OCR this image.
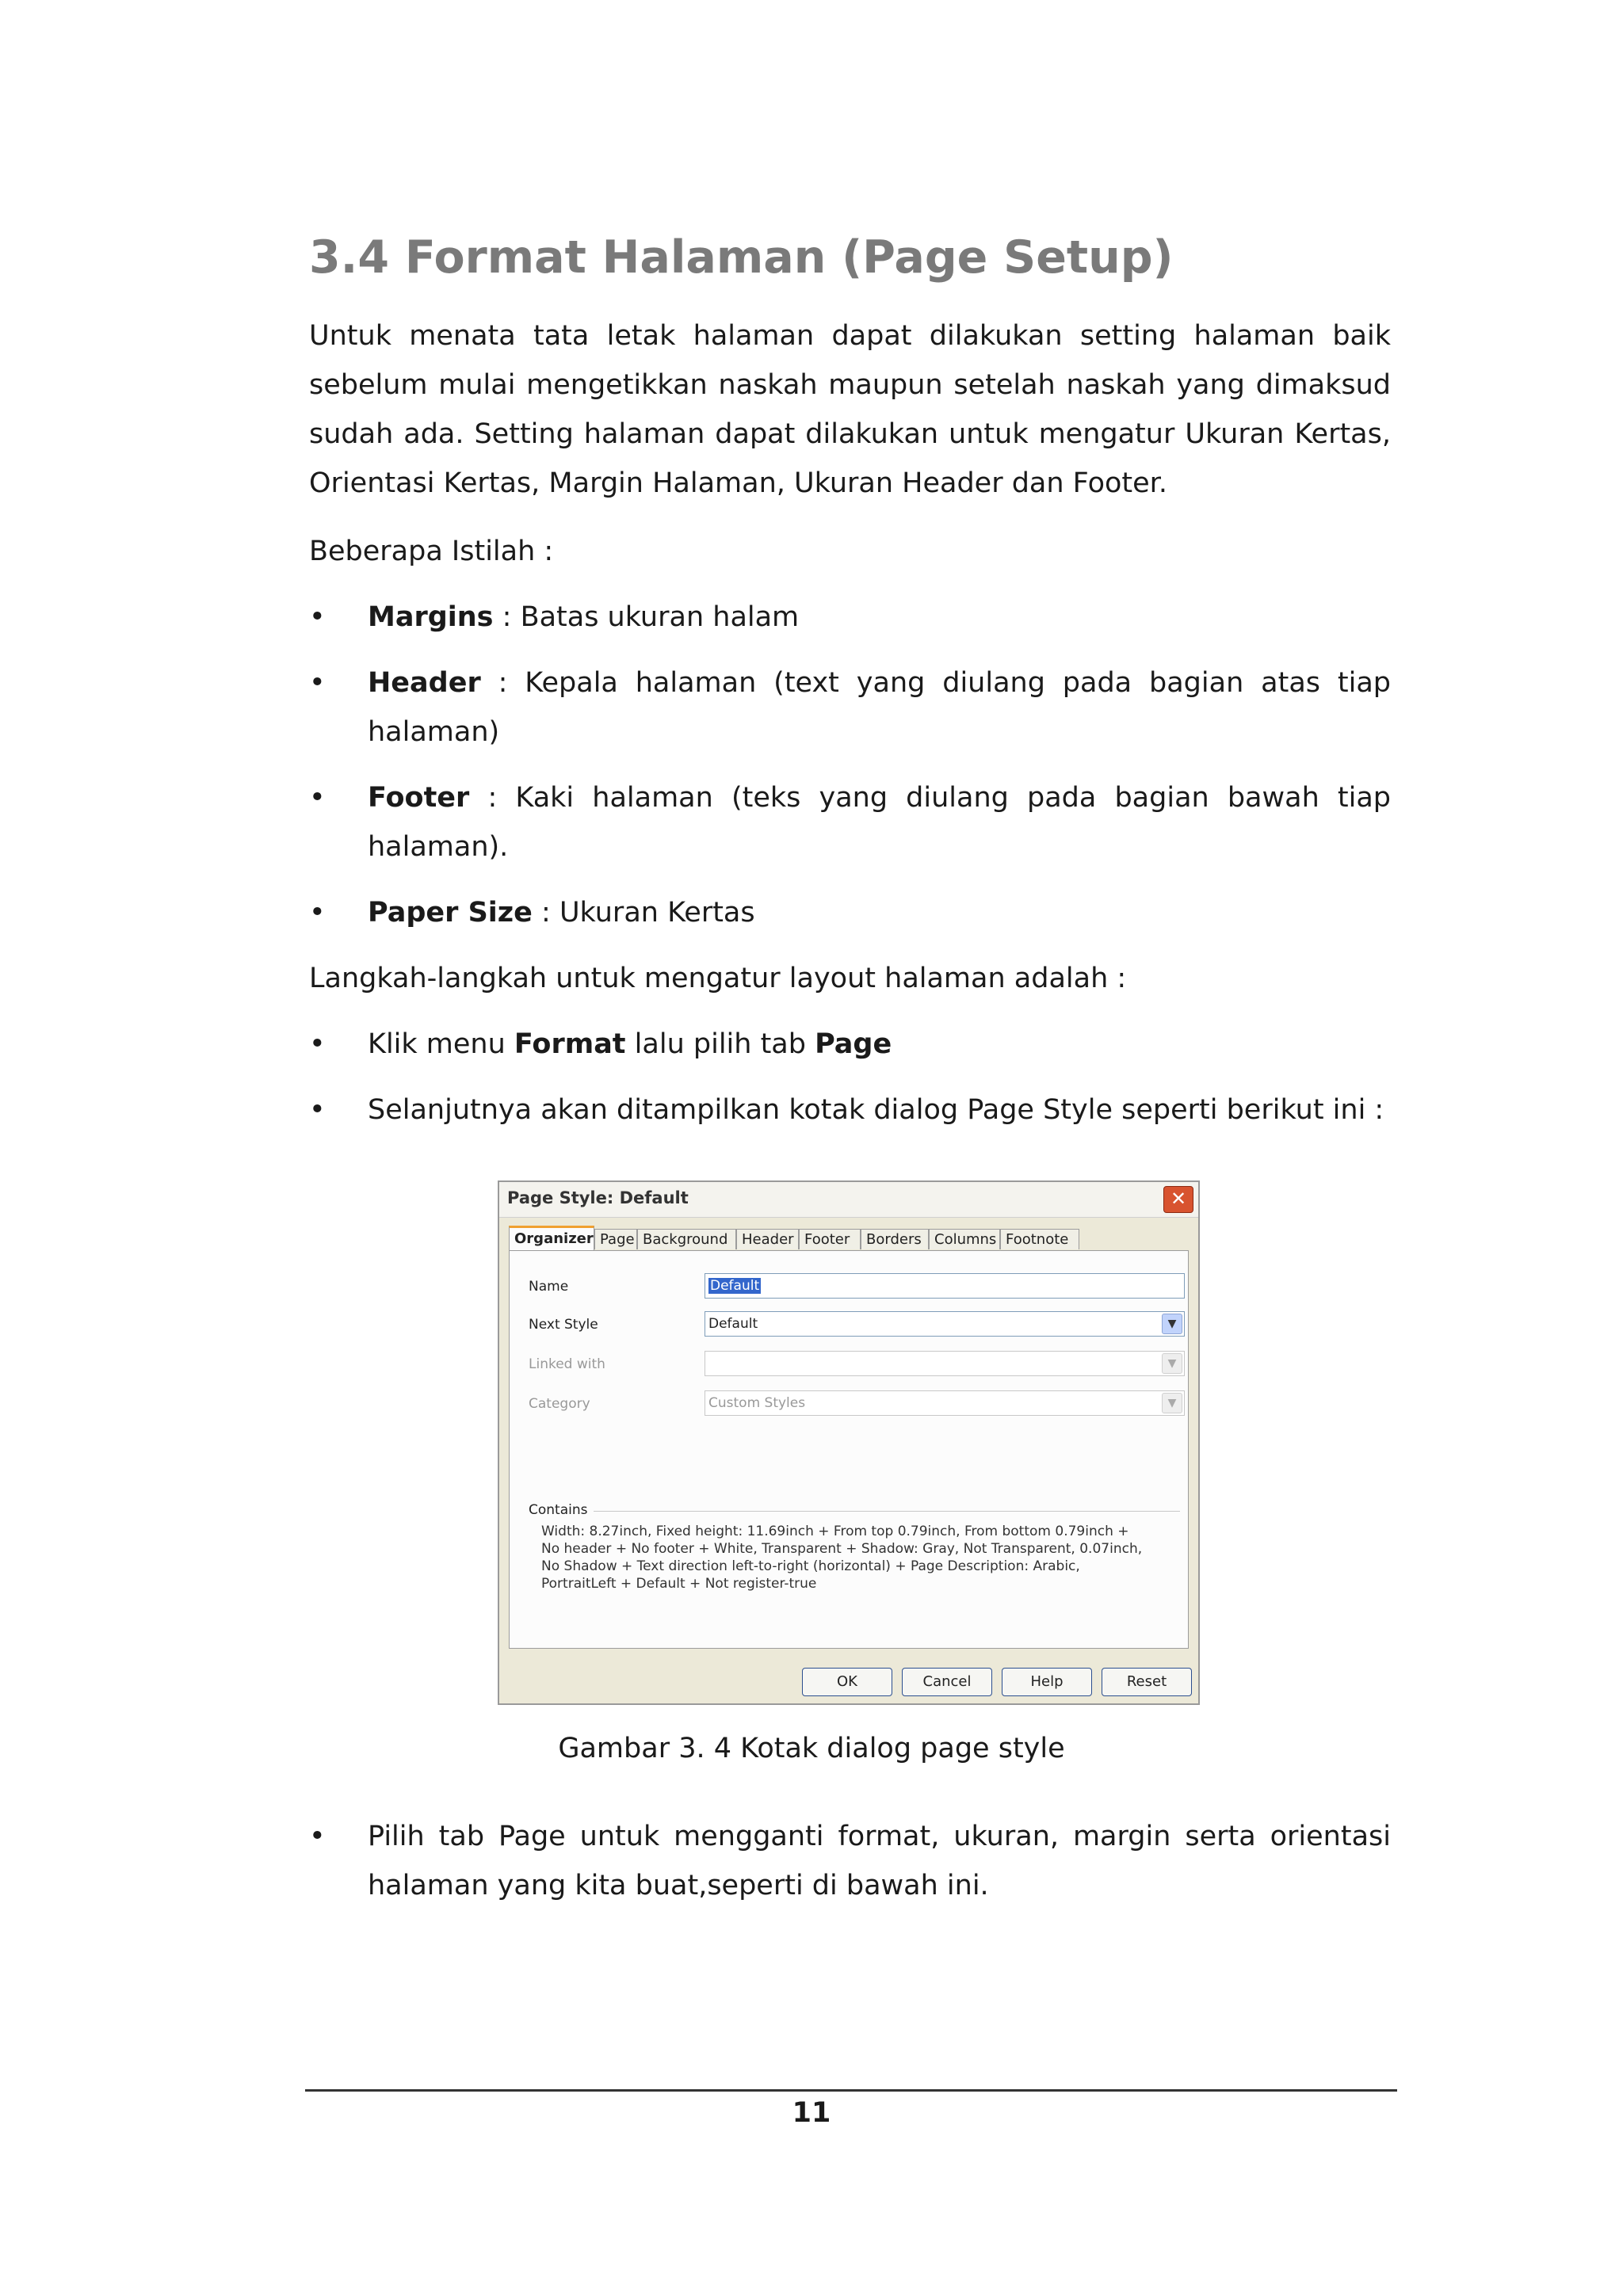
3.4 Format Halaman (Page Setup)
Untuk menata tata letak halaman dapat dilakukan setting halaman baik
sebelum mulai mengetikkan naskah maupun setelah naskah yang dimaksud
sudah ada. Setting halaman dapat dilakukan untuk mengatur Ukuran Kertas,
Orientasi Kertas, Margin Halaman, Ukuran Header dan Footer.

Beberapa Istilah :

• Margins : Batas ukuran halam
• Header : Kepala halaman (text yang diulang pada bagian atas tiap halaman)
• Footer : Kaki halaman (teks yang diulang pada bagian bawah tiap halaman).
• Paper Size : Ukuran Kertas

Langkah-langkah untuk mengatur layout halaman adalah :

• Klik menu Format lalu pilih tab Page
• Selanjutnya akan ditampilkan kotak dialog Page Style seperti berikut ini :
Page Style: Default	✕
Organizer Page Background Header Footer	Borders Columns Footnote
Name	Default
Next Style	Default	▼
Linked with	▼
Category	Custom Styles	▼
Contains
Width: 8.27inch, Fixed height: 11.69inch + From top 0.79inch, From bottom 0.79inch + No header + No footer + White, Transparent + Shadow: Gray, Not Transparent, 0.07inch, No Shadow + Text direction left-to-right (horizontal) + Page Description: Arabic, PortraitLeft + Default + Not register-true
OK	Cancel	Help	Reset

Gambar 3. 4 Kotak dialog page style

• Pilih tab Page untuk mengganti format, ukuran, margin serta orientasi halaman yang kita buat,seperti di bawah ini.

11
